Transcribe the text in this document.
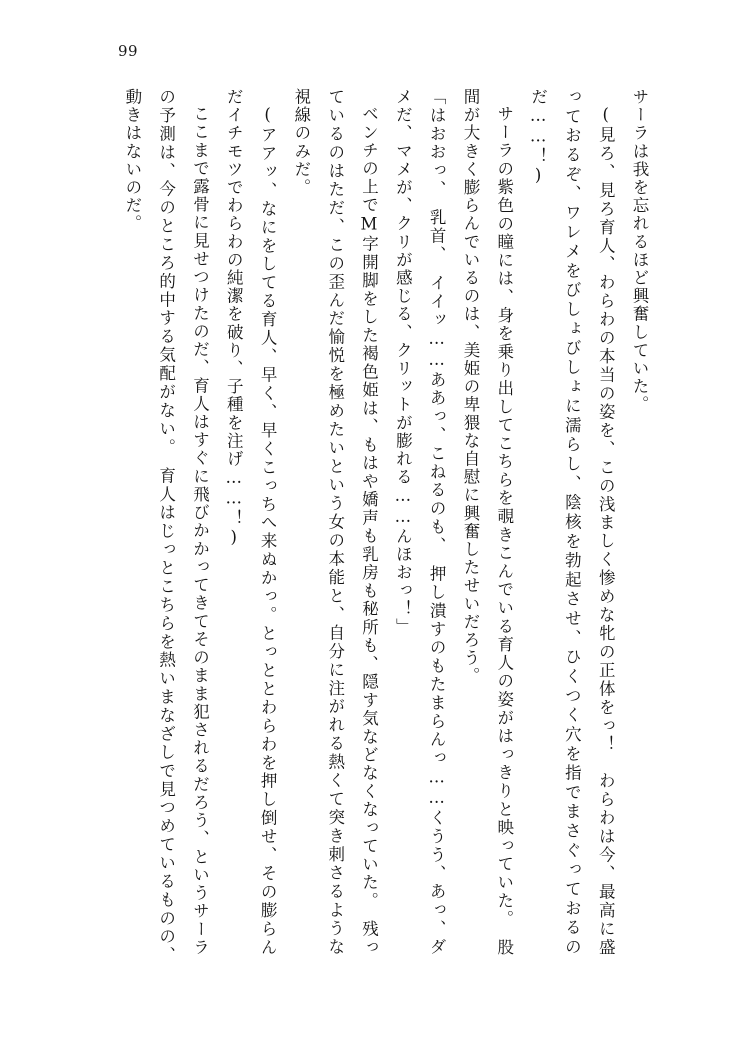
99

サーラは我を忘れるほど興奮していた。

(見ろ、見ろ育人、わらわの本当の姿を、この浅ましく惨めな牝の正体をっ！　わらわは今、最高に盛っておるぞ、ワレメをびしょびしょに濡らし、陰核を勃起させ、ひくつく穴を指でまさぐっておるのだ……！)

サーラの紫色の瞳には、身を乗り出してこちらを覗きこんでいる育人の姿がはっきりと映っていた。　股間が大きく膨らんでいるのは、美姫の卑猥な自慰に興奮したせいだろう。

「はおおっ、　乳首、　イイッ……ああっ、こねるのも、　押し潰すのもたまらんっ……くうう、あっ、ダメだ、マメが、クリが感じる、クリットが膨れる……んほおっ！」

ベンチの上でM字開脚をした褐色姫は、もはや嬌声も乳房も秘所も、隠す気などなくなっていた。　残っているのはただ、この歪んだ愉悦を極めたいという女の本能と、自分に注がれる熱くて突き刺さるような視線のみだ。

(アアッ、なにをしてる育人、早く、早くこっちへ来ぬかっ。とっととわらわを押し倒せ、その膨らんだイチモツでわらわの純潔を破り、子種を注げ……！)

ここまで露骨に見せつけたのだ、育人はすぐに飛びかかってきてそのまま犯されるだろう、というサーラの予測は、今のところ的中する気配がない。　育人はじっとこちらを熱いまなざしで見つめているものの、　動きはないのだ。
